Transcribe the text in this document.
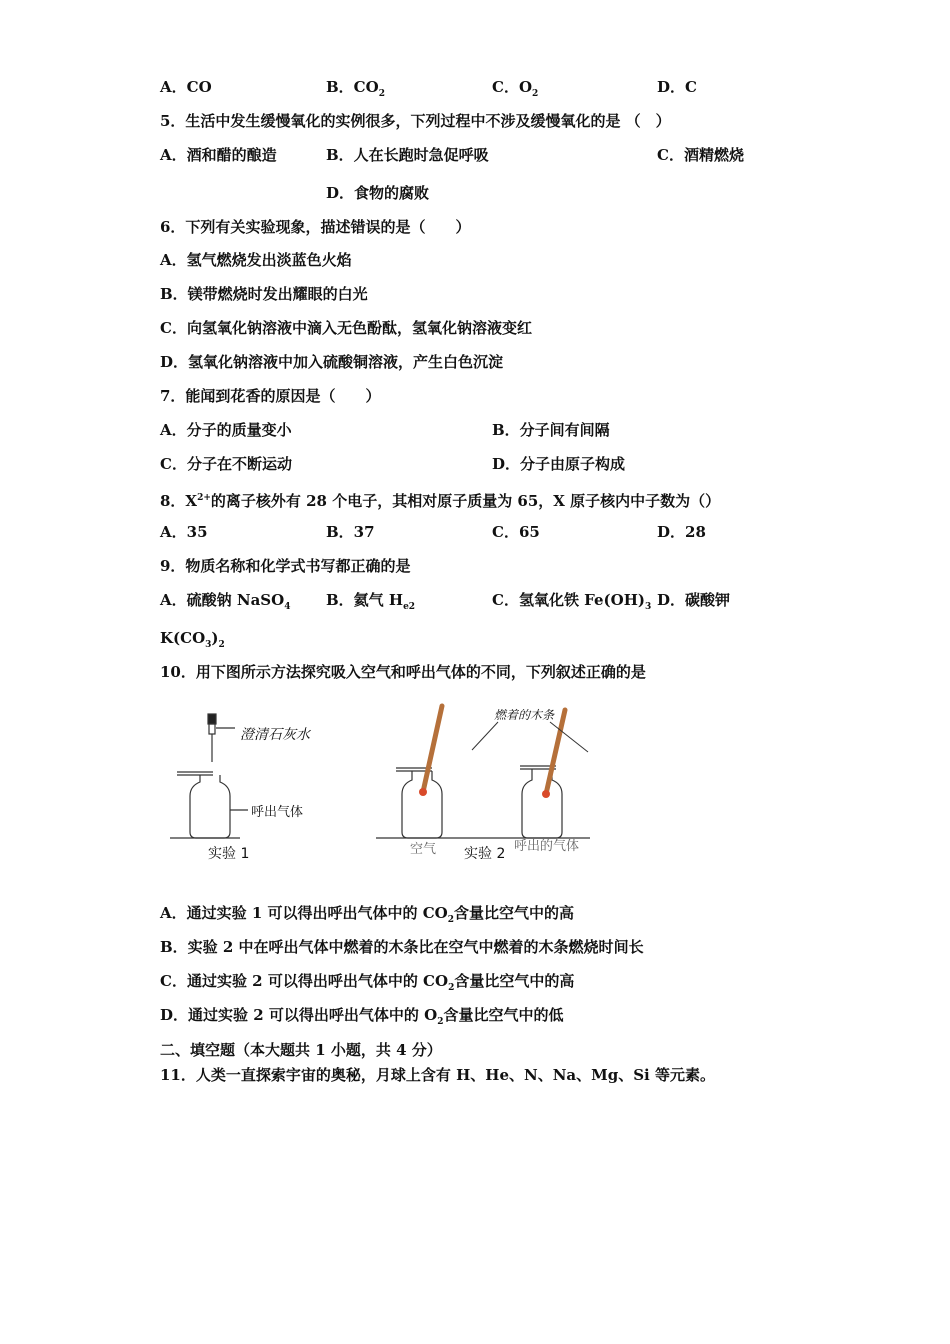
A．CO	B．$CO_2$	C．$O_2$	D．C
5．生活中发生缓慢氧化的实例很多，下列过程中不涉及缓慢氧化的是 （　）
A．酒和醋的酿造	B．人在长跑时急促呼吸	C．酒精燃烧
D．食物的腐败
6．下列有关实验现象，描述错误的是（　　）
A．氢气燃烧发出淡蓝色火焰
B．镁带燃烧时发出耀眼的白光
C．向氢氧化钠溶液中滴入无色酚酞，氢氧化钠溶液变红
D．氢氧化钠溶液中加入硫酸铜溶液，产生白色沉淀
7．能闻到花香的原因是（　　）
A．分子的质量变小	B．分子间有间隔
C．分子在不断运动	D．分子由原子构成
8．$X^{2+}$的离子核外有 28 个电子，其相对原子质量为 65，X 原子核内中子数为（）
A．35	B．37	C．65	D．28
9．物质名称和化学式书写都正确的是
A．硫酸钠 NaSO$_4$ B．氦气 $H_{e2}$	C．氢氧化铁 $Fe(OH)_3$ D．碳酸钾
$K(CO_3)_2$
10．用下图所示方法探究吸入空气和呼出气体的不同，下列叙述正确的是
澄清石灰水
呼出气体
实验 1
燃着的木条
空气 实验 2 呼出的气体
A．通过实验 1 可以得出呼出气体中的 $CO_2$含量比空气中的高
B．实验 2 中在呼出气体中燃着的木条比在空气中燃着的木条燃烧时间长
C．通过实验 2 可以得出呼出气体中的 $CO_2$含量比空气中的高
D．通过实验 2 可以得出呼出气体中的 $O_2$含量比空气中的低
二、填空题（本大题共 1 小题，共 4 分）
11．人类一直探索宇宙的奥秘，月球上含有 H、He、N、Na、Mg、Si 等元素。
